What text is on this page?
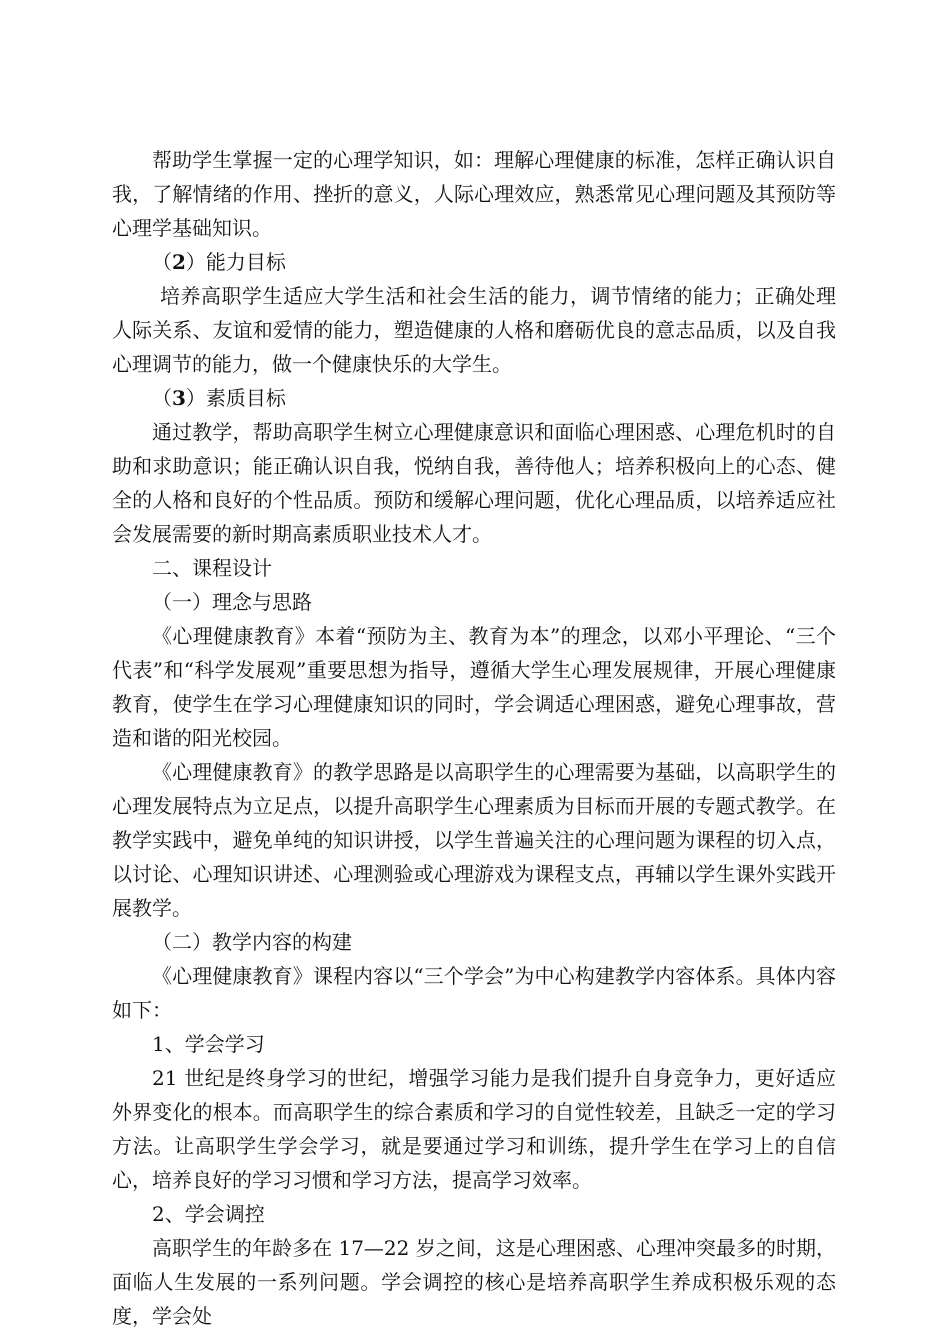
帮助学生掌握一定的心理学知识，如：理解心理健康的标准，怎样正确认识自我，了解情绪的作用、挫折的意义，人际心理效应，熟悉常见心理问题及其预防等心理学基础知识。

（2）能力目标

培养高职学生适应大学生活和社会生活的能力，调节情绪的能力；正确处理人际关系、友谊和爱情的能力，塑造健康的人格和磨砺优良的意志品质，以及自我心理调节的能力，做一个健康快乐的大学生。

（3）素质目标

通过教学，帮助高职学生树立心理健康意识和面临心理困惑、心理危机时的自助和求助意识；能正确认识自我，悦纳自我，善待他人；培养积极向上的心态、健全的人格和良好的个性品质。预防和缓解心理问题，优化心理品质，以培养适应社会发展需要的新时期高素质职业技术人才。

二、课程设计

（一）理念与思路

《心理健康教育》本着“预防为主、教育为本”的理念，以邓小平理论、“三个代表”和“科学发展观”重要思想为指导，遵循大学生心理发展规律，开展心理健康教育，使学生在学习心理健康知识的同时，学会调适心理困惑，避免心理事故，营造和谐的阳光校园。

《心理健康教育》的教学思路是以高职学生的心理需要为基础，以高职学生的心理发展特点为立足点，以提升高职学生心理素质为目标而开展的专题式教学。在教学实践中，避免单纯的知识讲授，以学生普遍关注的心理问题为课程的切入点，以讨论、心理知识讲述、心理测验或心理游戏为课程支点，再辅以学生课外实践开展教学。

（二）教学内容的构建

《心理健康教育》课程内容以“三个学会”为中心构建教学内容体系。具体内容如下：

1、学会学习

21 世纪是终身学习的世纪，增强学习能力是我们提升自身竞争力，更好适应外界变化的根本。而高职学生的综合素质和学习的自觉性较差，且缺乏一定的学习方法。让高职学生学会学习，就是要通过学习和训练，提升学生在学习上的自信心，培养良好的学习习惯和学习方法，提高学习效率。

2、学会调控

高职学生的年龄多在 17—22 岁之间，这是心理困惑、心理冲突最多的时期，面临人生发展的一系列问题。学会调控的核心是培养高职学生养成积极乐观的态度，学会处
